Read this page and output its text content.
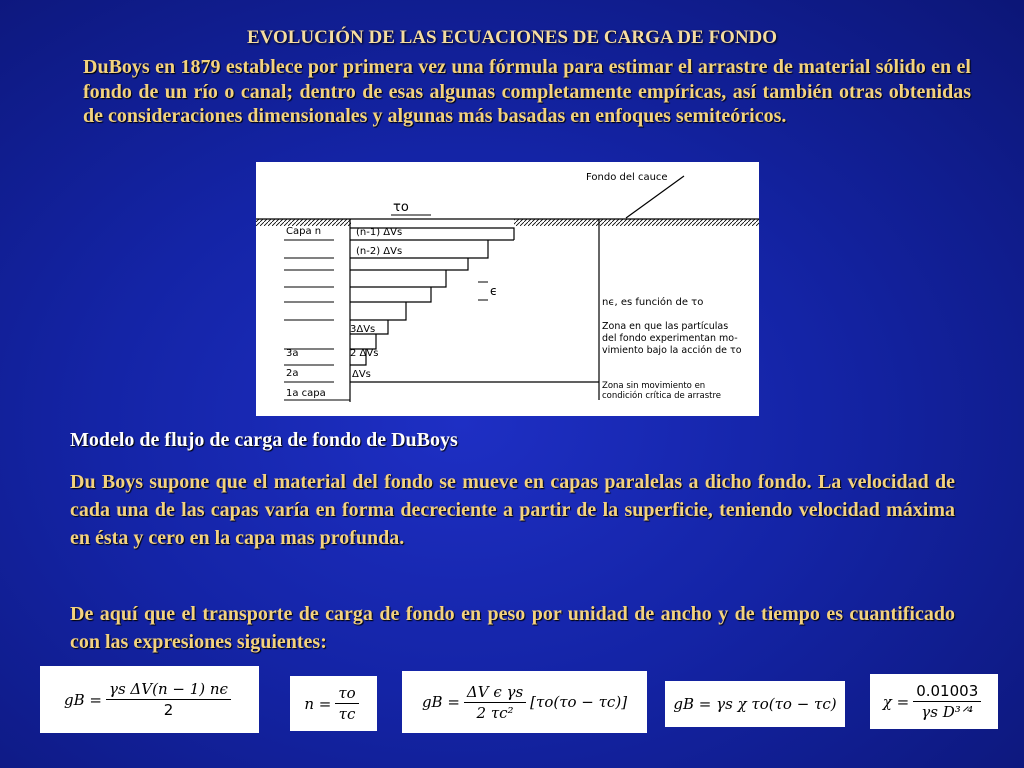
EVOLUCIÓN DE LAS ECUACIONES DE CARGA DE FONDO

DuBoys en 1879 establece por primera vez una fórmula para estimar el arrastre de material sólido en el fondo de un río o canal; dentro de esas algunas completamente empíricas, así también otras obtenidas de consideraciones dimensionales y algunas más basadas en enfoques semiteóricos.

Fondo del cauce
τo
Capa n	(n-1) ΔVs
(n-2) ΔVs
3ΔVs
2 ΔVs
ΔVs
3a
2a
1a capa
ϵ
nϵ, es función de τo
Zona en que las partículas
del fondo experimentan mo-
vimiento bajo la acción de τo
Zona sin movimiento en
condición crítica de arrastre
Modelo de flujo de carga de fondo de DuBoys

Du Boys supone que el material del fondo se mueve en capas paralelas a dicho fondo. La velocidad de cada una de las capas varía en forma decreciente a partir de la superficie, teniendo velocidad máxima en ésta y cero en la capa mas profunda.

De aquí que el transporte de carga de fondo en peso por unidad de ancho y de tiempo es cuantificado con las expresiones siguientes:

gB = $\frac{\text{γs ΔV(n − 1) nϵ}}{2}$	$n = \frac{\tau o}{\tau c}$	gB = $\frac{\text{ΔV ϵ γs}}{\text{2 τc²}} [\tau o(\tau o - \tau c)]$	gB = γs χ τo(τo − τc)	$\chi = \frac{0.01003}{\text{γs D³ᐟ⁴}}$
